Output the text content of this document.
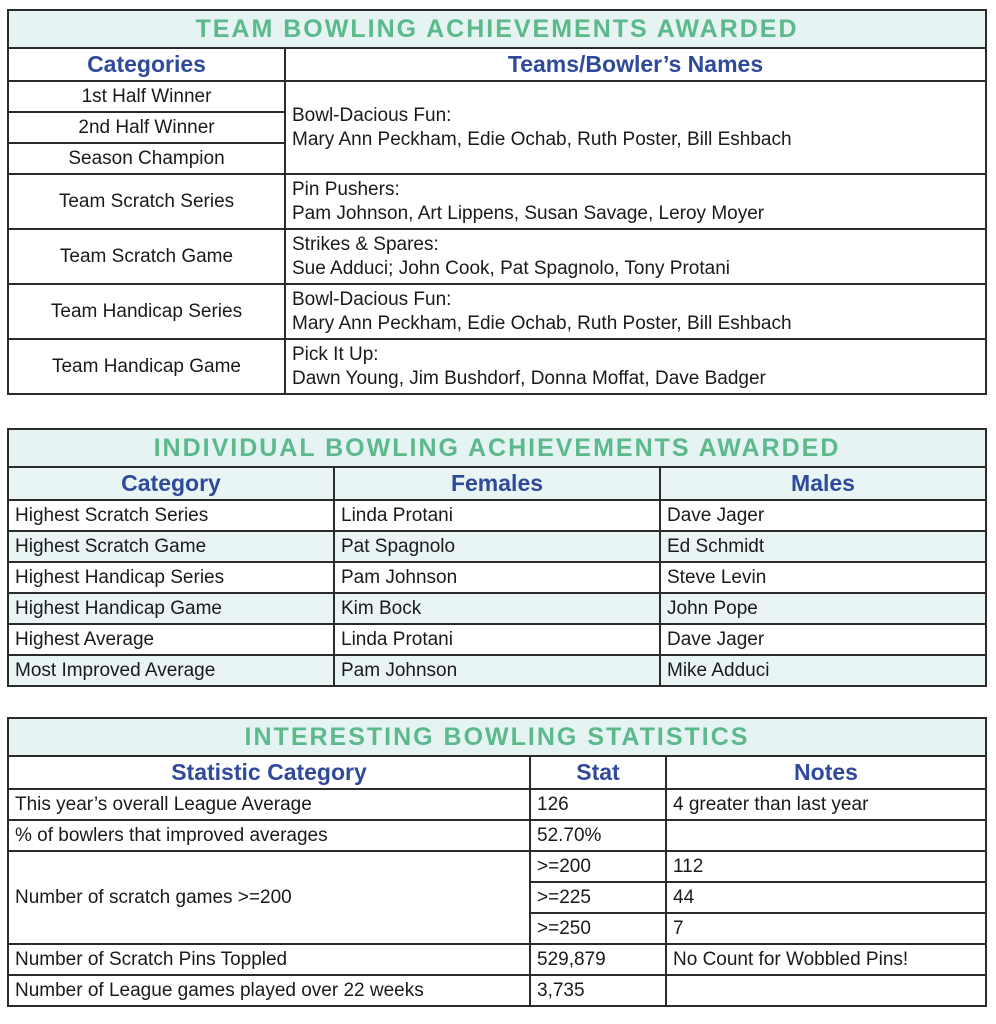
TEAM BOWLING ACHIEVEMENTS AWARDED	
Categories	Teams/Bowler’s Names
1st Half Winner	Bowl-Dacious Fun:
Mary Ann Peckham, Edie Ochab, Ruth Poster, Bill Eshbach

2nd Half Winner	
Season Champion	
Team Scratch Series	Pin Pushers:
Pam Johnson, Art Lippens, Susan Savage, Leroy Moyer

Team Scratch Game	Strikes & Spares:
Sue Adduci; John Cook, Pat Spagnolo, Tony Protani

Team Handicap Series	Bowl-Dacious Fun:
Mary Ann Peckham, Edie Ochab, Ruth Poster, Bill Eshbach

Team Handicap Game	Pick It Up:
Dawn Young, Jim Bushdorf, Donna Moffat, Dave Badger
INDIVIDUAL BOWLING ACHIEVEMENTS AWARDED		
Category	Females	Males
Highest Scratch Series	Linda Protani	Dave Jager
Highest Scratch Game	Pat Spagnolo	Ed Schmidt
Highest Handicap Series	Pam Johnson	Steve Levin
Highest Handicap Game	Kim Bock	John Pope
Highest Average	Linda Protani	Dave Jager
Most Improved Average	Pam Johnson	Mike Adduci
INTERESTING BOWLING STATISTICS		
Statistic Category	Stat	Notes
This year’s overall League Average	126	4 greater than last year
% of bowlers that improved averages	52.70%	
Number of scratch games >=200	>=200	112
	>=225	44
	>=250	7
Number of Scratch Pins Toppled	529,879	No Count for Wobbled Pins!
Number of League games played over 22 weeks	3,735	
